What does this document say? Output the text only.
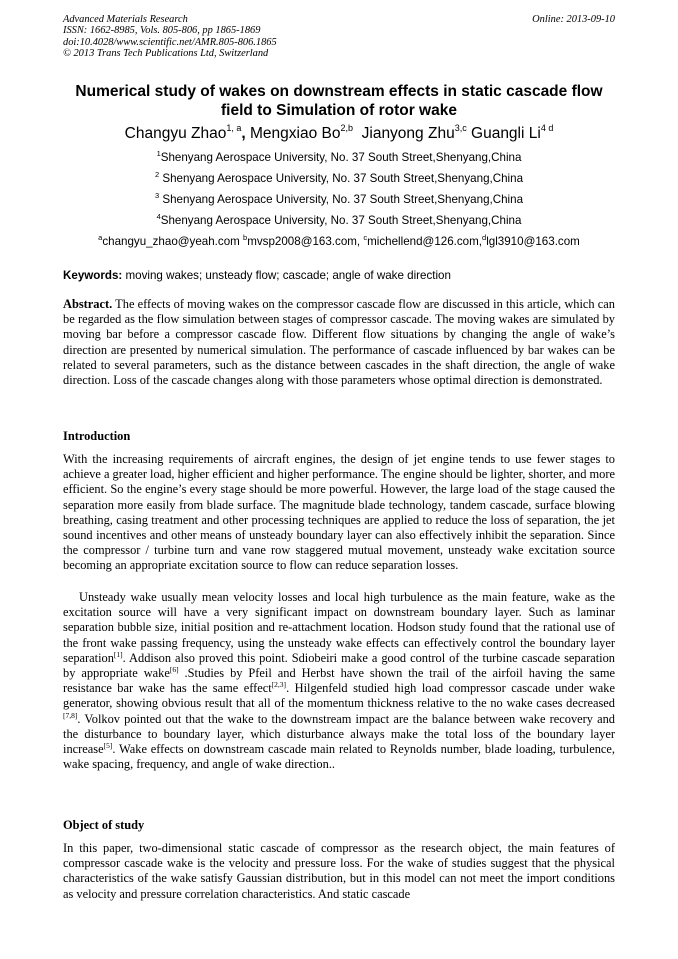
Advanced Materials Research
ISSN: 1662-8985, Vols. 805-806, pp 1865-1869
doi:10.4028/www.scientific.net/AMR.805-806.1865
© 2013 Trans Tech Publications Ltd, Switzerland
Online: 2013-09-10
Numerical study of wakes on downstream effects in static cascade flow
field to Simulation of rotor wake
Changyu Zhao$^{1, a}$, Mengxiao Bo$^{2,b}$ Jianyong Zhu$^{3,c}$ Guangli $Li^{4 d}$
$^1$Shenyang Aerospace University, No. 37 South Street,Shenyang,China
$^2$ Shenyang Aerospace University, No. 37 South Street,Shenyang,China
$^3$ Shenyang Aerospace University, No. 37 South Street,Shenyang,China
$^4$Shenyang Aerospace University, No. 37 South Street,Shenyang,China
$^a$changyu_zhao@yeah.com $^b$mvsp2008@163.com, $^c$michellend@126.com,$^d$lgl3910@163.com
Keywords: moving wakes; unsteady flow; cascade; angle of wake direction
Abstract. The effects of moving wakes on the compressor cascade flow are discussed in this article, which can be regarded as the flow simulation between stages of compressor cascade. The moving wakes are simulated by moving bar before a compressor cascade flow. Different flow situations by changing the angle of wake’s direction are presented by numerical simulation. The performance of cascade influenced by bar wakes can be related to several parameters, such as the distance between cascades in the shaft direction, the angle of wake direction. Loss of the cascade changes along with those parameters whose optimal direction is demonstrated.
Introduction
With the increasing requirements of aircraft engines, the design of jet engine tends to use fewer stages to achieve a greater load, higher efficient and higher performance. The engine should be lighter, shorter, and more efficient. So the engine’s every stage should be more powerful. However, the large load of the stage caused the separation more easily from blade surface. The magnitude blade technology, tandem cascade, surface blowing breathing, casing treatment and other processing techniques are applied to reduce the loss of separation, the jet sound incentives and other means of unsteady boundary layer can also effectively inhibit the separation. Since the compressor / turbine turn and vane row staggered mutual movement, unsteady wake excitation source becoming an appropriate excitation source to flow can reduce separation losses.
Unsteady wake usually mean velocity losses and local high turbulence as the main feature, wake as the excitation source will have a very significant impact on downstream boundary layer. Such as laminar separation bubble size, initial position and re-attachment location. Hodson study found that the rational use of the front wake passing frequency, using the unsteady wake effects can effectively control the boundary layer separation[1]. Addison also proved this point. Sdiobeiri make a good control of the turbine cascade separation by appropriate wake[6] .Studies by Pfeil and Herbst have shown the trail of the airfoil having the same resistance bar wake has the same effect[2,3]. Hilgenfeld studied high load compressor cascade under wake generator, showing obvious result that all of the momentum thickness relative to the no wake cases decreased [7,8]. Volkov pointed out that the wake to the downstream impact are the balance between wake recovery and the disturbance to boundary layer, which disturbance always make the total loss of the boundary layer increase[5]. Wake effects on downstream cascade main related to Reynolds number, blade loading, turbulence, wake spacing, frequency, and angle of wake direction..
Object of study
In this paper, two-dimensional static cascade of compressor as the research object, the main features of compressor cascade wake is the velocity and pressure loss. For the wake of studies suggest that the physical characteristics of the wake satisfy Gaussian distribution, but in this model can not meet the import conditions as velocity and pressure correlation characteristics. And static cascade
